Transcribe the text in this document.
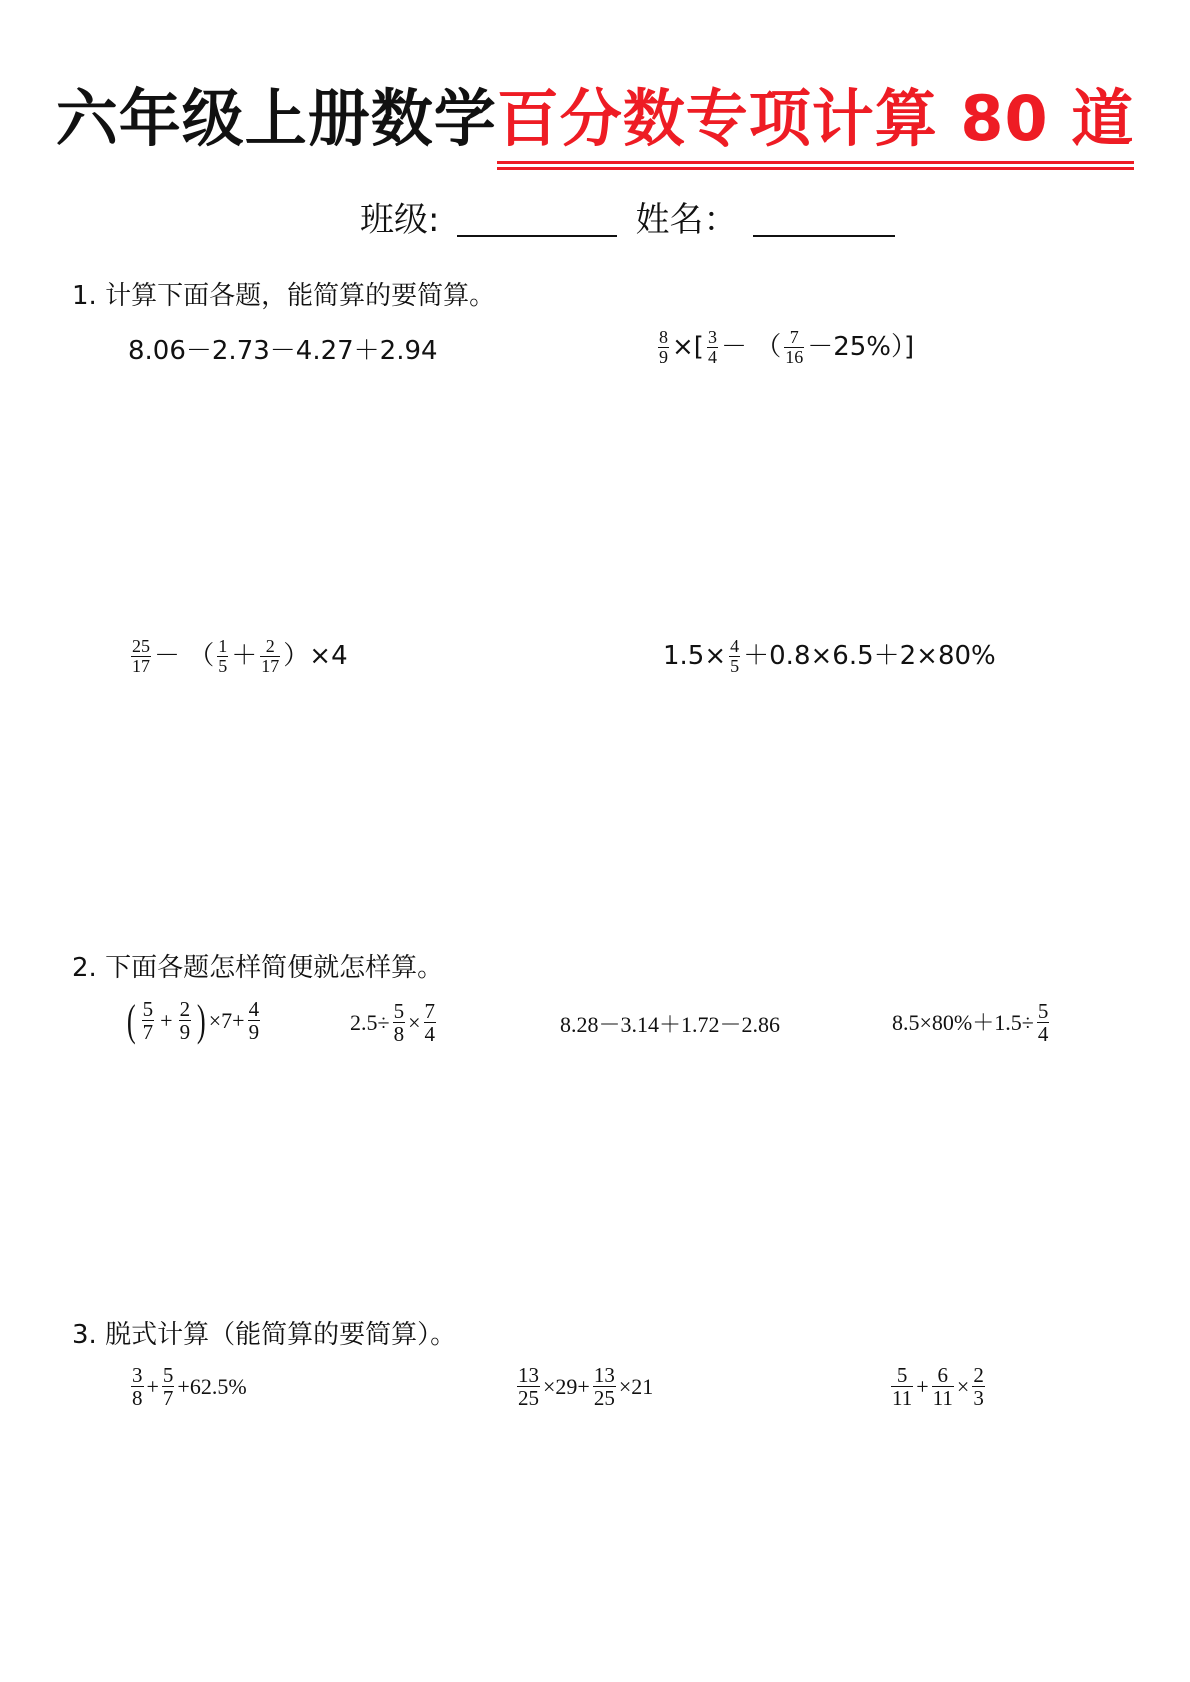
六年级上册数学百分数专项计算 80 道
班级:	姓名：
1. 计算下面各题，能简算的要简算。
8.06－2.73－4.27＋2.94	$\frac{8}{9}$ ×[ $\frac{3}{4}$ － （ $\frac{7}{16} -25\%$）]
$\frac{25}{17}$ － （ $\frac{1}{5} + \frac{2}{17} )\times 4$	$1.5\times \frac{4}{5} +0.8\times 6.5+2\times 80\%$
2. 下面各题怎样简便就怎样算。
( $\frac{5}{7} + \frac{2}{9}$ ) $\times 7+ \frac{4}{9}$	$2.5\div \frac{5}{8} \times \frac{7}{4}$	8.28－3.14＋1.72－2.86	$8.5\times 80\%+1.5\div \frac{5}{4}$
3. 脱式计算（能简算的要简算）。
$\frac{3}{8} + \frac{5}{7} +62.5\%$	$\frac{13}{25} \times 29+ \frac{13}{25} \times 21$	$\frac{5}{11} + \frac{6}{11} \times \frac{2}{3}$
